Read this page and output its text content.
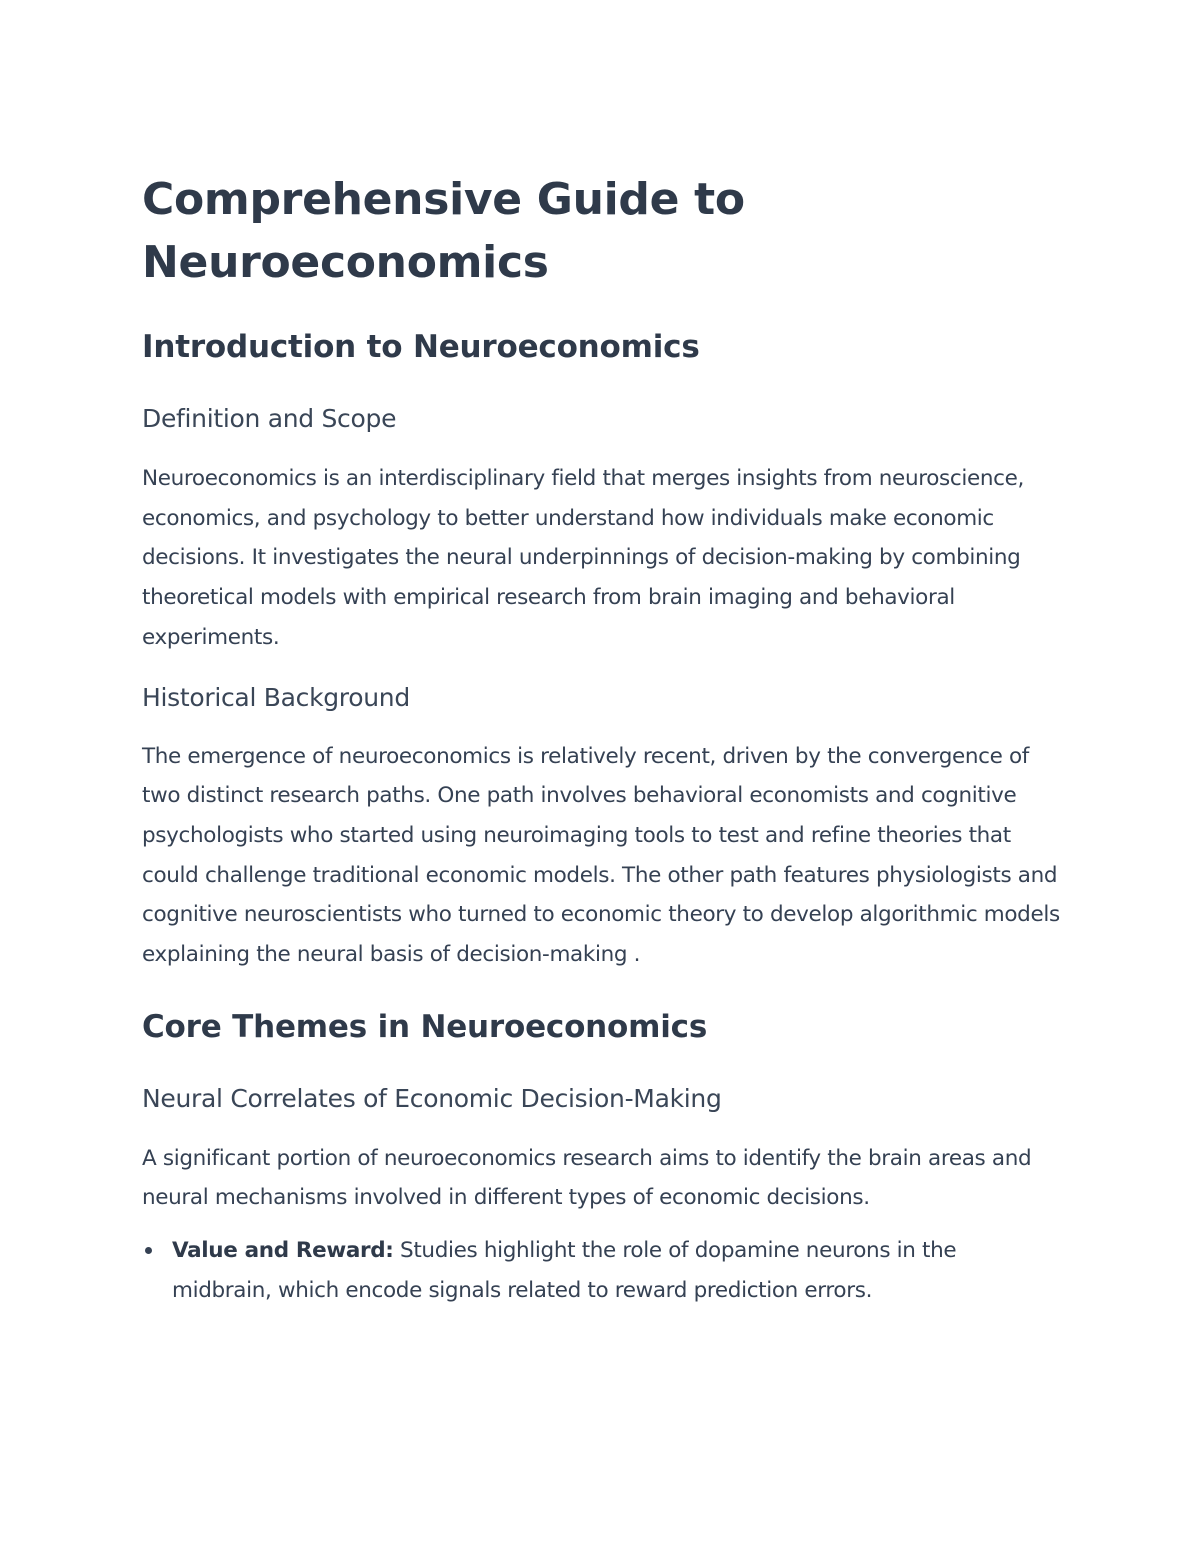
Comprehensive Guide to Neuroeconomics
Introduction to Neuroeconomics
Definition and Scope

Neuroeconomics is an interdisciplinary field that merges insights from neuroscience, economics, and psychology to better understand how individuals make economic decisions. It investigates the neural underpinnings of decision-making by combining theoretical models with empirical research from brain imaging and behavioral experiments.

Historical Background

The emergence of neuroeconomics is relatively recent, driven by the convergence of two distinct research paths. One path involves behavioral economists and cognitive psychologists who started using neuroimaging tools to test and refine theories that could challenge traditional economic models. The other path features physiologists and cognitive neuroscientists who turned to economic theory to develop algorithmic models explaining the neural basis of decision-making .

Core Themes in Neuroeconomics
Neural Correlates of Economic Decision-Making

A significant portion of neuroeconomics research aims to identify the brain areas and neural mechanisms involved in different types of economic decisions.

Value and Reward: Studies highlight the role of dopamine neurons in the midbrain, which encode signals related to reward prediction errors.
